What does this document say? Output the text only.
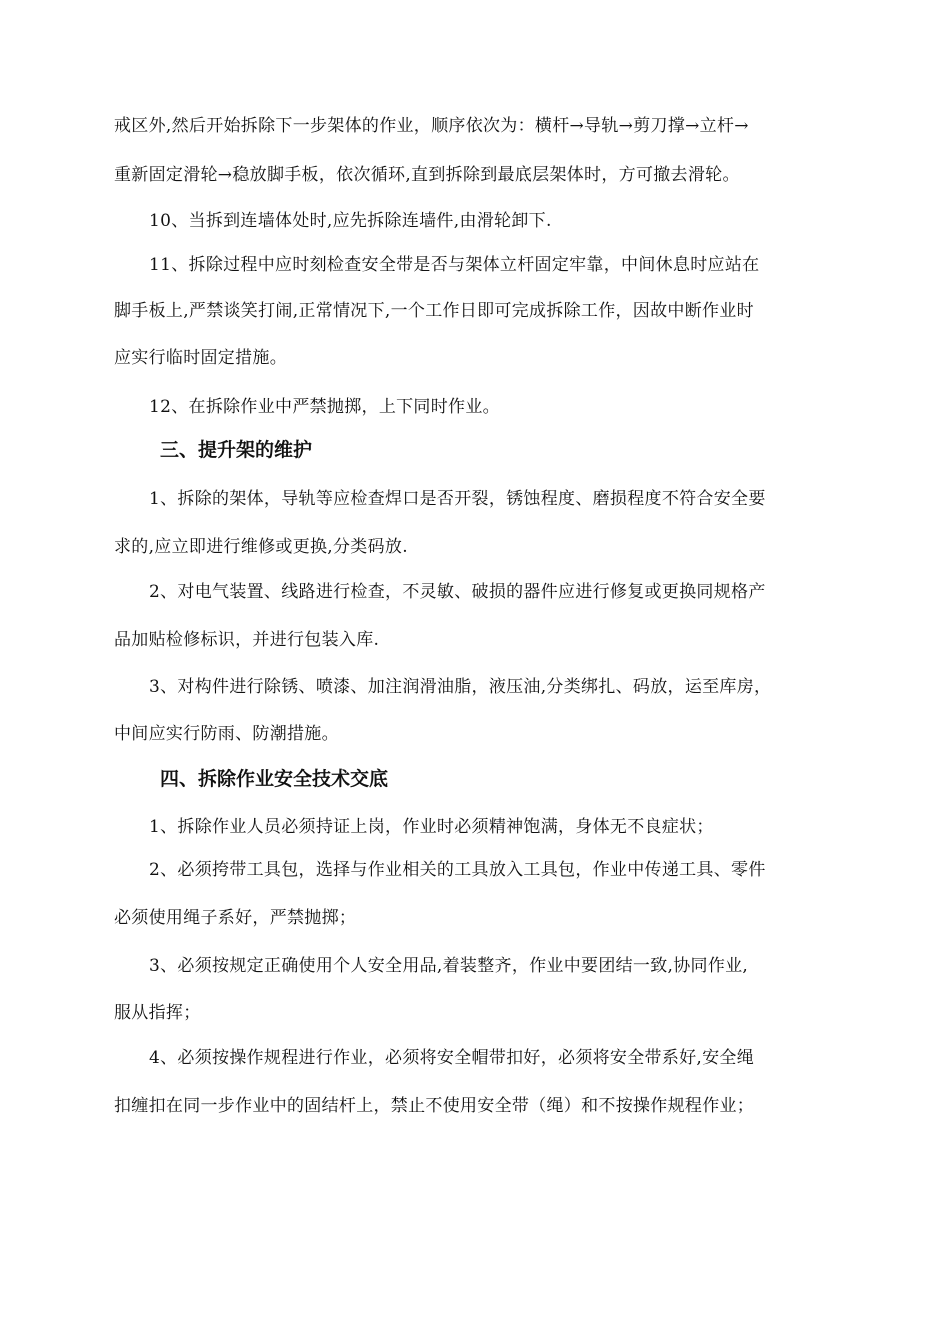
戒区外,然后开始拆除下一步架体的作业，顺序依次为：横杆→导轨→剪刀撑→立杆→
重新固定滑轮→稳放脚手板，依次循环,直到拆除到最底层架体时，方可撤去滑轮。
10、当拆到连墙体处时,应先拆除连墙件,由滑轮卸下.
11、拆除过程中应时刻检查安全带是否与架体立杆固定牢靠，中间休息时应站在
脚手板上,严禁谈笑打闹,正常情况下,一个工作日即可完成拆除工作，因故中断作业时
应实行临时固定措施。
12、在拆除作业中严禁抛掷，上下同时作业。
三、提升架的维护
1、拆除的架体，导轨等应检查焊口是否开裂，锈蚀程度、磨损程度不符合安全要
求的,应立即进行维修或更换,分类码放.
2、对电气装置、线路进行检查，不灵敏、破损的器件应进行修复或更换同规格产
品加贴检修标识，并进行包装入库.
3、对构件进行除锈、喷漆、加注润滑油脂，液压油,分类绑扎、码放，运至库房，
中间应实行防雨、防潮措施。
四、拆除作业安全技术交底
1、拆除作业人员必须持证上岗，作业时必须精神饱满，身体无不良症状；
2、必须挎带工具包，选择与作业相关的工具放入工具包，作业中传递工具、零件
必须使用绳子系好，严禁抛掷；
3、必须按规定正确使用个人安全用品,着装整齐，作业中要团结一致,协同作业,
服从指挥；
4、必须按操作规程进行作业，必须将安全帽带扣好，必须将安全带系好,安全绳
扣缠扣在同一步作业中的固结杆上，禁止不使用安全带（绳）和不按操作规程作业；
